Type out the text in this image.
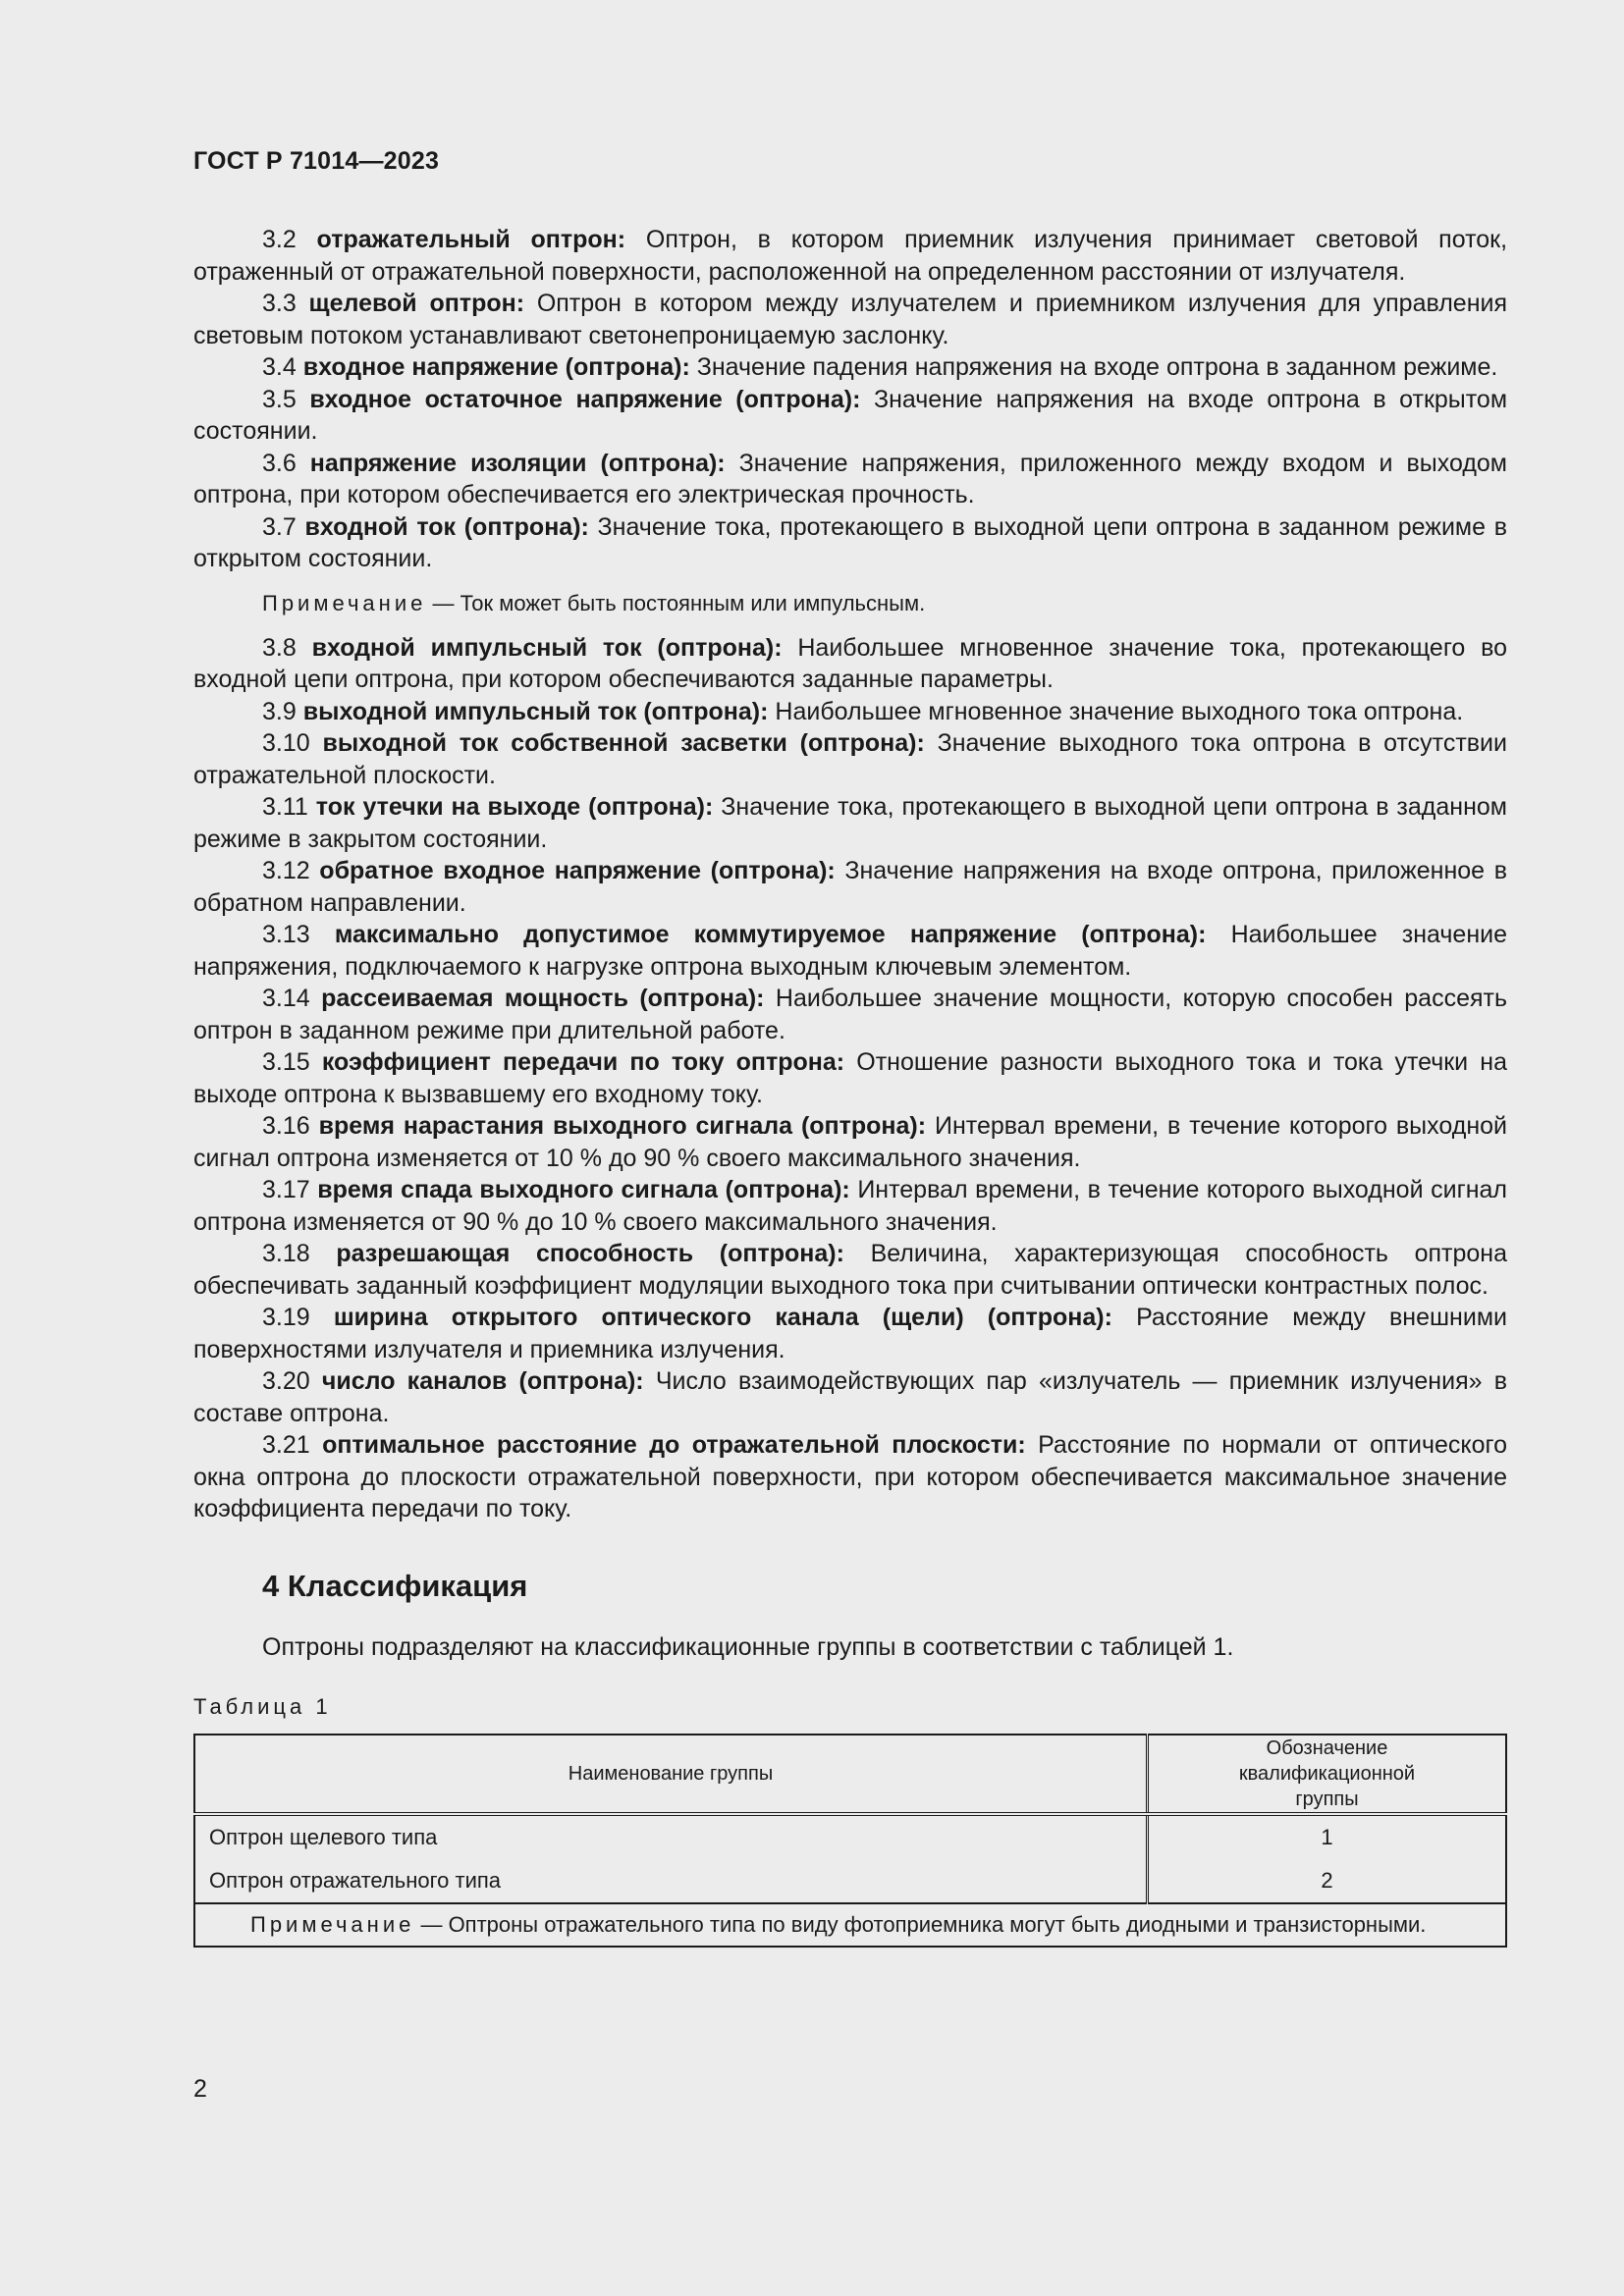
ГОСТ Р 71014—2023

3.2 отражательный оптрон: Оптрон, в котором приемник излучения принимает световой поток, отраженный от отражательной поверхности, расположенной на определенном расстоянии от излучателя.

3.3 щелевой оптрон: Оптрон в котором между излучателем и приемником излучения для управления световым потоком устанавливают светонепроницаемую заслонку.

3.4 входное напряжение (оптрона): Значение падения напряжения на входе оптрона в заданном режиме.

3.5 входное остаточное напряжение (оптрона): Значение напряжения на входе оптрона в открытом состоянии.

3.6 напряжение изоляции (оптрона): Значение напряжения, приложенного между входом и выходом оптрона, при котором обеспечивается его электрическая прочность.

3.7 входной ток (оптрона): Значение тока, протекающего в выходной цепи оптрона в заданном режиме в открытом состоянии.

Примечание — Ток может быть постоянным или импульсным.

3.8 входной импульсный ток (оптрона): Наибольшее мгновенное значение тока, протекающего во входной цепи оптрона, при котором обеспечиваются заданные параметры.

3.9 выходной импульсный ток (оптрона): Наибольшее мгновенное значение выходного тока оптрона.

3.10 выходной ток собственной засветки (оптрона): Значение выходного тока оптрона в отсутствии отражательной плоскости.

3.11 ток утечки на выходе (оптрона): Значение тока, протекающего в выходной цепи оптрона в заданном режиме в закрытом состоянии.

3.12 обратное входное напряжение (оптрона): Значение напряжения на входе оптрона, приложенное в обратном направлении.

3.13 максимально допустимое коммутируемое напряжение (оптрона): Наибольшее значение напряжения, подключаемого к нагрузке оптрона выходным ключевым элементом.

3.14 рассеиваемая мощность (оптрона): Наибольшее значение мощности, которую способен рассеять оптрон в заданном режиме при длительной работе.

3.15 коэффициент передачи по току оптрона: Отношение разности выходного тока и тока утечки на выходе оптрона к вызвавшему его входному току.

3.16 время нарастания выходного сигнала (оптрона): Интервал времени, в течение которого выходной сигнал оптрона изменяется от 10 % до 90 % своего максимального значения.

3.17 время спада выходного сигнала (оптрона): Интервал времени, в течение которого выходной сигнал оптрона изменяется от 90 % до 10 % своего максимального значения.

3.18 разрешающая способность (оптрона): Величина, характеризующая способность оптрона обеспечивать заданный коэффициент модуляции выходного тока при считывании оптически контрастных полос.

3.19 ширина открытого оптического канала (щели) (оптрона): Расстояние между внешними поверхностями излучателя и приемника излучения.

3.20 число каналов (оптрона): Число взаимодействующих пар «излучатель — приемник излучения» в составе оптрона.

3.21 оптимальное расстояние до отражательной плоскости: Расстояние по нормали от оптического окна оптрона до плоскости отражательной поверхности, при котором обеспечивается максимальное значение коэффициента передачи по току.

4 Классификация

Оптроны подразделяют на классификационные группы в соответствии с таблицей 1.

Таблица 1
Наименование группы	Обозначение квалификационной группы

Оптрон щелевого типа	1
Оптрон отражательного типа	2
Примечание — Оптроны отражательного типа по виду фотоприемника могут быть диодными и транзисторными.	
2
